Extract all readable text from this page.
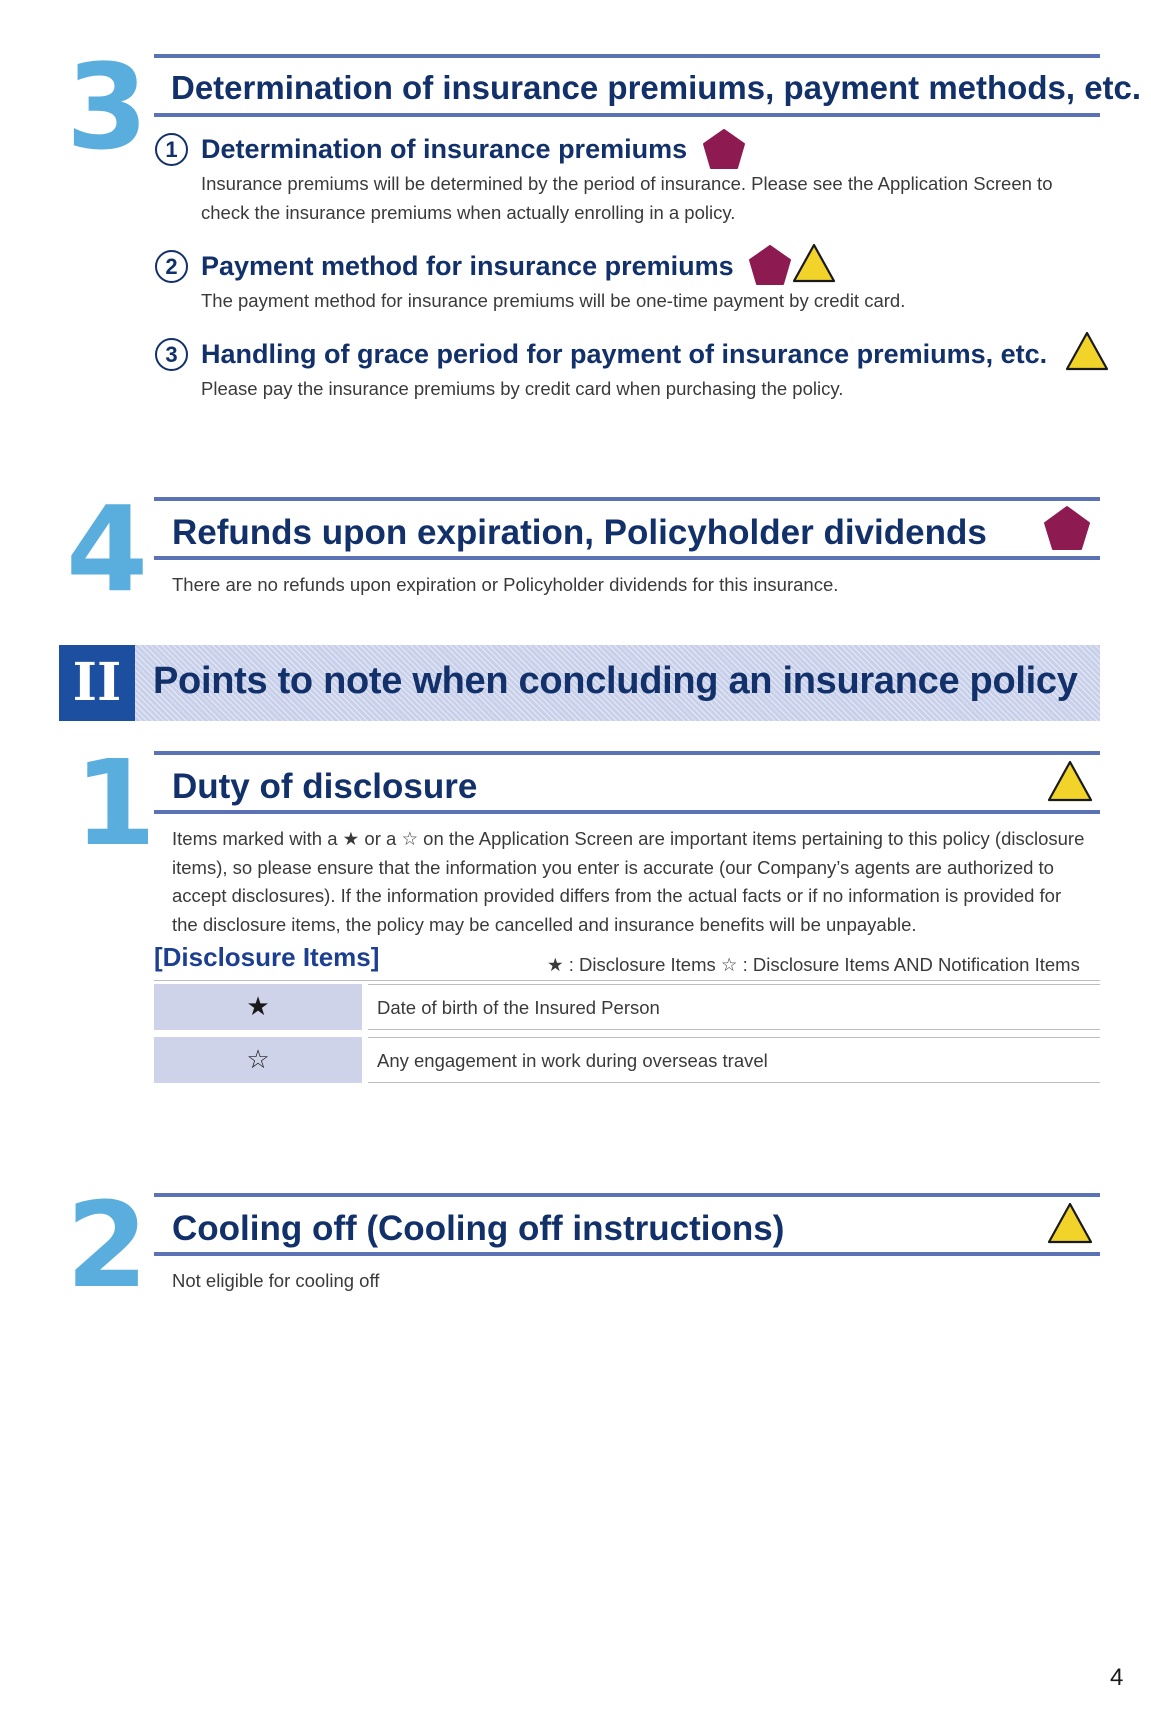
3 Determination of insurance premiums, payment methods, etc.
1 Determination of insurance premiums
Insurance premiums will be determined by the period of insurance. Please see the Application Screen to
check the insurance premiums when actually enrolling in a policy.
2 Payment method for insurance premiums
The payment method for insurance premiums will be one-time payment by credit card.
3 Handling of grace period for payment of insurance premiums, etc.
Please pay the insurance premiums by credit card when purchasing the policy.
4 Refunds upon expiration, Policyholder dividends
There are no refunds upon expiration or Policyholder dividends for this insurance.
II Points to note when concluding an insurance policy
1 Duty of disclosure
Items marked with a ★ or a ☆ on the Application Screen are important items pertaining to this policy (disclosure
items), so please ensure that the information you enter is accurate (our Company’s agents are authorized to
accept disclosures). If the information provided differs from the actual facts or if no information is provided for
the disclosure items, the policy may be cancelled and insurance benefits will be unpayable.
[Disclosure Items]	★ : Disclosure Items ☆ : Disclosure Items AND Notification Items
★	Date of birth of the Insured Person
☆	Any engagement in work during overseas travel
2 Cooling off (Cooling off instructions)
Not eligible for cooling off
4
